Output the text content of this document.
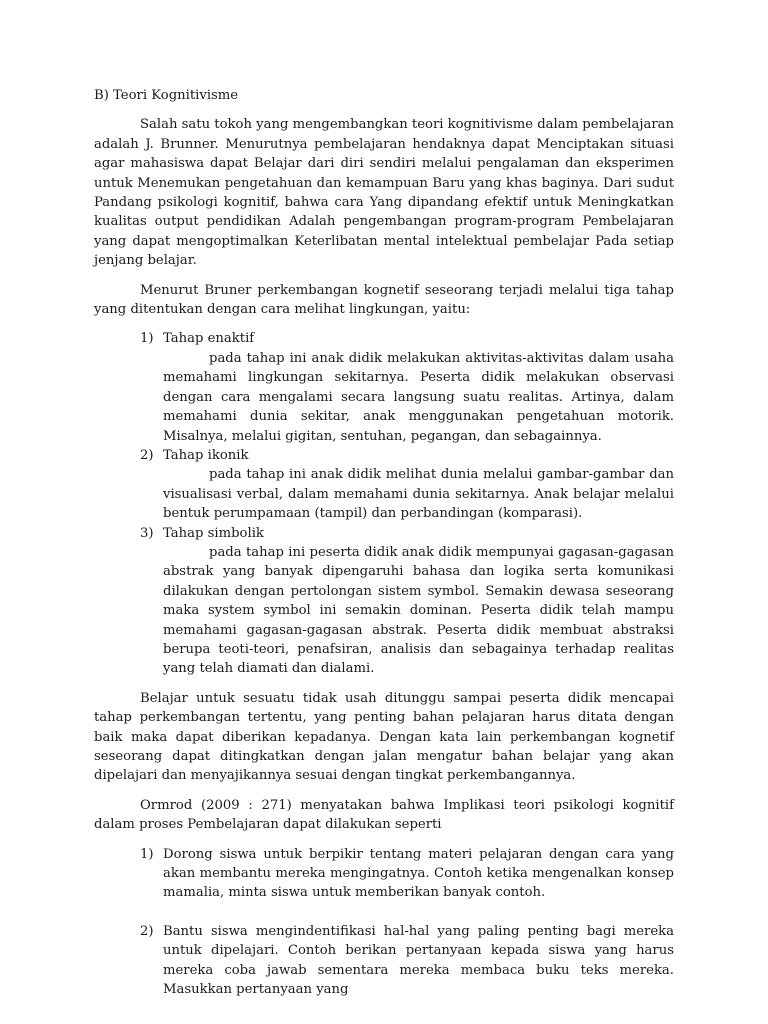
B) Teori Kognitivisme

Salah satu tokoh yang mengembangkan teori kognitivisme dalam pembelajaran adalah J. Brunner. Menurutnya pembelajaran hendaknya dapat Menciptakan situasi agar mahasiswa dapat Belajar dari diri sendiri melalui pengalaman dan eksperimen untuk Menemukan pengetahuan dan kemampuan Baru yang khas baginya. Dari sudut Pandang psikologi kognitif, bahwa cara Yang dipandang efektif untuk Meningkatkan kualitas output pendidikan Adalah pengembangan program-program Pembelajaran yang dapat mengoptimalkan Keterlibatan mental intelektual pembelajar Pada setiap jenjang belajar.

Menurut Bruner perkembangan kognetif seseorang terjadi melalui tiga tahap yang ditentukan dengan cara melihat lingkungan, yaitu:

1) Tahap enaktif
pada tahap ini anak didik melakukan aktivitas-aktivitas dalam usaha memahami lingkungan sekitarnya. Peserta didik melakukan observasi dengan cara mengalami secara langsung suatu realitas. Artinya, dalam memahami dunia sekitar, anak menggunakan pengetahuan motorik. Misalnya, melalui gigitan, sentuhan, pegangan, dan sebagainnya.
2) Tahap ikonik
pada tahap ini anak didik melihat dunia melalui gambar-gambar dan visualisasi verbal, dalam memahami dunia sekitarnya. Anak belajar melalui bentuk perumpamaan (tampil) dan perbandingan (komparasi).
3) Tahap simbolik
pada tahap ini peserta didik anak didik mempunyai gagasan-gagasan abstrak yang banyak dipengaruhi bahasa dan logika serta komunikasi dilakukan dengan pertolongan sistem symbol. Semakin dewasa seseorang maka system symbol ini semakin dominan. Peserta didik telah mampu memahami gagasan-gagasan abstrak. Peserta didik membuat abstraksi berupa teoti-teori, penafsiran, analisis dan sebagainya terhadap realitas yang telah diamati dan dialami.

Belajar untuk sesuatu tidak usah ditunggu sampai peserta didik mencapai tahap perkembangan tertentu, yang penting bahan pelajaran harus ditata dengan baik maka dapat diberikan kepadanya. Dengan kata lain perkembangan kognetif seseorang dapat ditingkatkan dengan jalan mengatur bahan belajar yang akan dipelajari dan menyajikannya sesuai dengan tingkat perkembangannya.

Ormrod (2009 : 271) menyatakan bahwa Implikasi teori psikologi kognitif dalam proses Pembelajaran dapat dilakukan seperti

1) Dorong siswa untuk berpikir tentang materi pelajaran dengan cara yang akan membantu mereka mengingatnya. Contoh ketika mengenalkan konsep mamalia, minta siswa untuk memberikan banyak contoh.
2) Bantu siswa mengindentifikasi hal-hal yang paling penting bagi mereka untuk dipelajari. Contoh berikan pertanyaan kepada siswa yang harus mereka coba jawab sementara mereka membaca buku teks mereka. Masukkan pertanyaan yang
